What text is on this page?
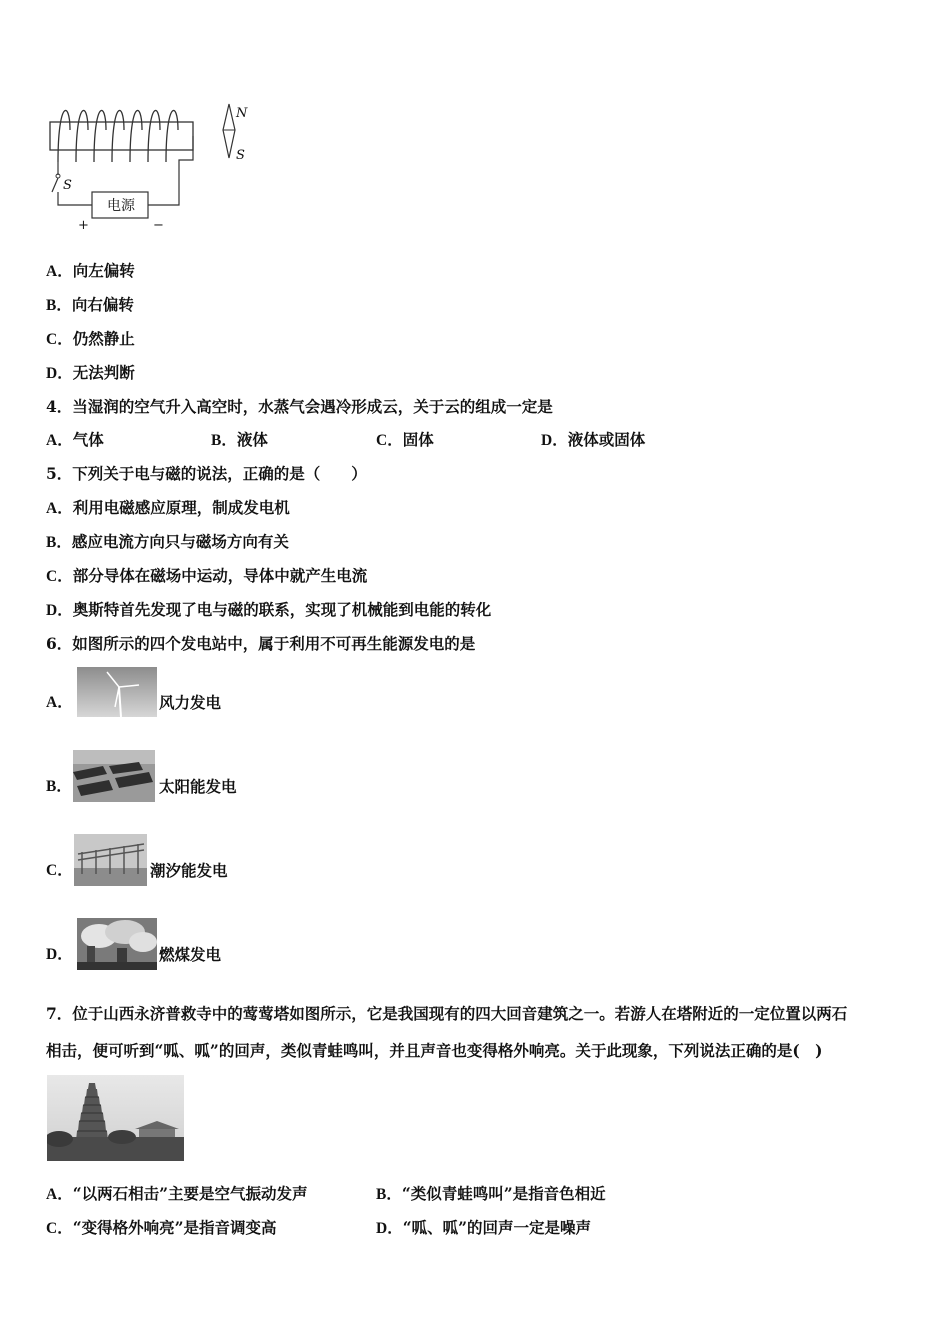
电源
S
+	−
N
S
A．向左偏转
B．向右偏转
C．仍然静止
D．无法判断
4．当湿润的空气升入高空时，水蒸气会遇冷形成云，关于云的组成一定是
A．气体	B．液体	C．固体	D．液体或固体
5．下列关于电与磁的说法，正确的是（　　）
A．利用电磁感应原理，制成发电机
B．感应电流方向只与磁场方向有关
C．部分导体在磁场中运动，导体中就产生电流
D．奥斯特首先发现了电与磁的联系，实现了机械能到电能的转化
6．如图所示的四个发电站中，属于利用不可再生能源发电的是
A．	风力发电
B．	太阳能发电
C．	潮汐能发电
D．	燃煤发电
7．位于山西永济普救寺中的莺莺塔如图所示，它是我国现有的四大回音建筑之一。若游人在塔附近的一定位置以两石
相击，便可听到“呱、呱”的回声，类似青蛙鸣叫，并且声音也变得格外响亮。关于此现象，下列说法正确的是(　)
A．“以两石相击”主要是空气振动发声	B．“类似青蛙鸣叫”是指音色相近
C．“变得格外响亮”是指音调变高	D．“呱、呱”的回声一定是噪声
